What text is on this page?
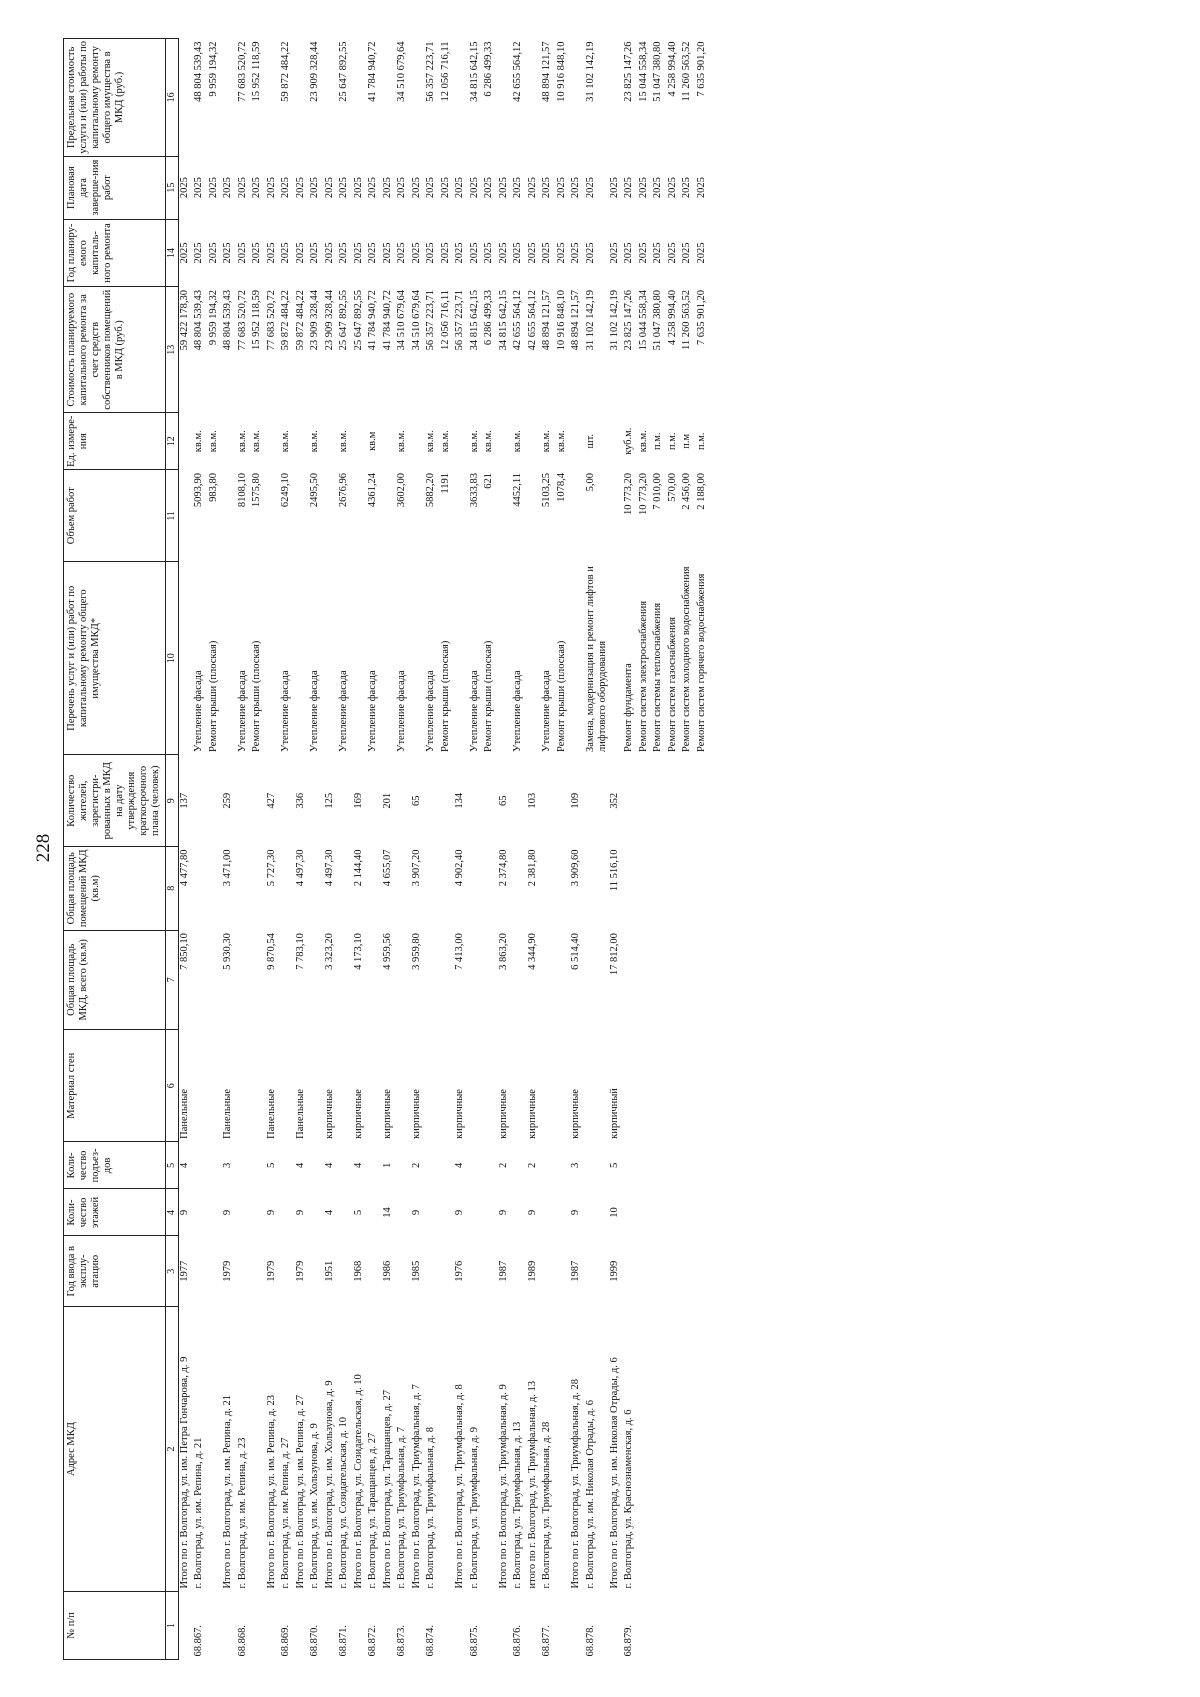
228
№ п/п	Адрес МКД	Год ввода в эксплу-атацию	Коли-чество этажей	Коли-чество подъез-дов	Материал стен	Общая площадь МКД, всего (кв.м)	Общая площадь помещений МКД (кв.м)	Количество жителей, зарегистри-рованных в МКД на дату утверждения краткосрочного плана (человек)	Перечень услуг и (или) работ по капитальному ремонту общего имущества МКД*	Объем работ	Ед. измере-ния	Стоимость планируемого капитального ремонта за счет средств собственников помещений в МКД (руб.)	Год планиру-емого капиталь-ного ремонта	Плановая дата заверше-ния работ	Предельная стоимость услуги и (или) работы по капитальному ремонту общего имущества в МКД (руб.)
1	2	3	4	5	6	7	8	9	10	11	12	13	14	15	16
	Итого по г. Волгоград, ул. им. Петра Гончарова, д. 9	1977	9	4	Панельные	7 850,10	4 477,80	137				59 422 178,30	2025	2025	
68.867.	г. Волгоград, ул. им. Репина, д. 21								Утепление фасада	5093,90	кв.м.	48 804 539,43	2025	2025	48 804 539,43
									Ремонт крыши (плоская)	983,80	кв.м.	9 959 194,32	2025	2025	9 959 194,32
	Итого по г. Волгоград, ул. им. Репина, д. 21	1979	9	3	Панельные	5 930,30	3 471,00	259				48 804 539,43	2025	2025	
68.868.	г. Волгоград, ул. им. Репина, д. 23								Утепление фасада	8108,10	кв.м.	77 683 520,72	2025	2025	77 683 520,72
									Ремонт крыши (плоская)	1575,80	кв.м.	15 952 118,59	2025	2025	15 952 118,59
	Итого по г. Волгоград, ул. им. Репина, д. 23	1979	9	5	Панельные	9 870,54	5 727,30	427				77 683 520,72	2025	2025	
68.869.	г. Волгоград, ул. им. Репина, д. 27								Утепление фасада	6249,10	кв.м.	59 872 484,22	2025	2025	59 872 484,22
	Итого по г. Волгоград, ул. им. Репина, д. 27	1979	9	4	Панельные	7 783,10	4 497,30	336				59 872 484,22	2025	2025	
68.870.	г. Волгоград, ул. им. Хользунова, д. 9								Утепление фасада	2495,50	кв.м.	23 909 328,44	2025	2025	23 909 328,44
	Итого по г. Волгоград, ул. им. Хользунова, д. 9	1951	4	4	кирпичные	3 323,20	4 497,30	125				23 909 328,44	2025	2025	
68.871.	г. Волгоград, ул. Созидательская, д. 10								Утепление фасада	2676,96	кв.м.	25 647 892,55	2025	2025	25 647 892,55
	Итого по г. Волгоград, ул. Созидательская, д. 10	1968	5	4	кирпичные	4 173,10	2 144,40	169				25 647 892,55	2025	2025	
68.872.	г. Волгоград, ул. Таращанцев, д. 27								Утепление фасада	4361,24	кв.м	41 784 940,72	2025	2025	41 784 940,72
	Итого по г. Волгоград, ул. Таращанцев, д. 27	1986	14	1	кирпичные	4 959,56	4 655,07	201				41 784 940,72	2025	2025	
68.873.	г. Волгоград, ул. Триумфальная, д. 7								Утепление фасада	3602,00	кв.м.	34 510 679,64	2025	2025	34 510 679,64
	Итого по г. Волгоград, ул. Триумфальная, д. 7	1985	9	2	кирпичные	3 959,80	3 907,20	65				34 510 679,64	2025	2025	
68.874.	г. Волгоград, ул. Триумфальная, д. 8								Утепление фасада	5882,20	кв.м.	56 357 223,71	2025	2025	56 357 223,71
									Ремонт крыши (плоская)	1191	кв.м.	12 056 716,11	2025	2025	12 056 716,11
	Итого по г. Волгоград, ул. Триумфальная, д. 8	1976	9	4	кирпичные	7 413,00	4 902,40	134				56 357 223,71	2025	2025	
68.875.	г. Волгоград, ул. Триумфальная, д. 9								Утепление фасада	3633,83	кв.м.	34 815 642,15	2025	2025	34 815 642,15
									Ремонт крыши (плоская)	621	кв.м.	6 286 499,33	2025	2025	6 286 499,33
	Итого по г. Волгоград, ул. Триумфальная, д. 9	1987	9	2	кирпичные	3 863,20	2 374,80	65				34 815 642,15	2025	2025	
68.876.	г. Волгоград, ул. Триумфальная, д. 13								Утепление фасада	4452,11	кв.м.	42 655 564,12	2025	2025	42 655 564,12
	итого по г. Волгоград, ул. Триумфальная, д. 13	1989	9	2	кирпичные	4 344,90	2 381,80	103				42 655 564,12	2025	2025	
68.877.	г. Волгоград, ул. Триумфальная, д. 28								Утепление фасада	5103,25	кв.м.	48 894 121,57	2025	2025	48 894 121,57
									Ремонт крыши (плоская)	1078,4	кв.м.	10 916 848,10	2025	2025	10 916 848,10
	Итого по г. Волгоград, ул. Триумфальная, д. 28	1987	9	3	кирпичные	6 514,40	3 909,60	109				48 894 121,57	2025	2025	
68.878.	г. Волгоград, ул. им. Николая Отрады, д. 6								Замена, модернизация и ремонт лифтов и лифтового оборудования	5,00	шт.	31 102 142,19	2025	2025	31 102 142,19
	Итого по г. Волгоград, ул. им. Николая Отрады, д. 6	1999	10	5	кирпичный	17 812,00	11 516,10	352				31 102 142,19	2025	2025	
68.879.	г. Волгоград, ул. Краснознаменская, д. 6								Ремонт фундамента	10 773,20	куб.м.	23 825 147,26	2025	2025	23 825 147,26
									Ремонт систем электроснабжения	10 773,20	кв.м.	15 044 558,34	2025	2025	15 044 558,34
									Ремонт системы теплоснабжения	7 010,00	п.м.	51 047 380,80	2025	2025	51 047 380,80
									Ремонт систем газоснабжения	570,00	п.м.	4 258 994,40	2025	2025	4 258 994,40
									Ремонт систем холодного водоснабжения	2 456,00	п.м	11 260 563,52	2025	2025	11 260 563,52
									Ремонт систем горячего водоснабжения	2 188,00	п.м.	7 635 901,20	2025	2025	7 635 901,20
